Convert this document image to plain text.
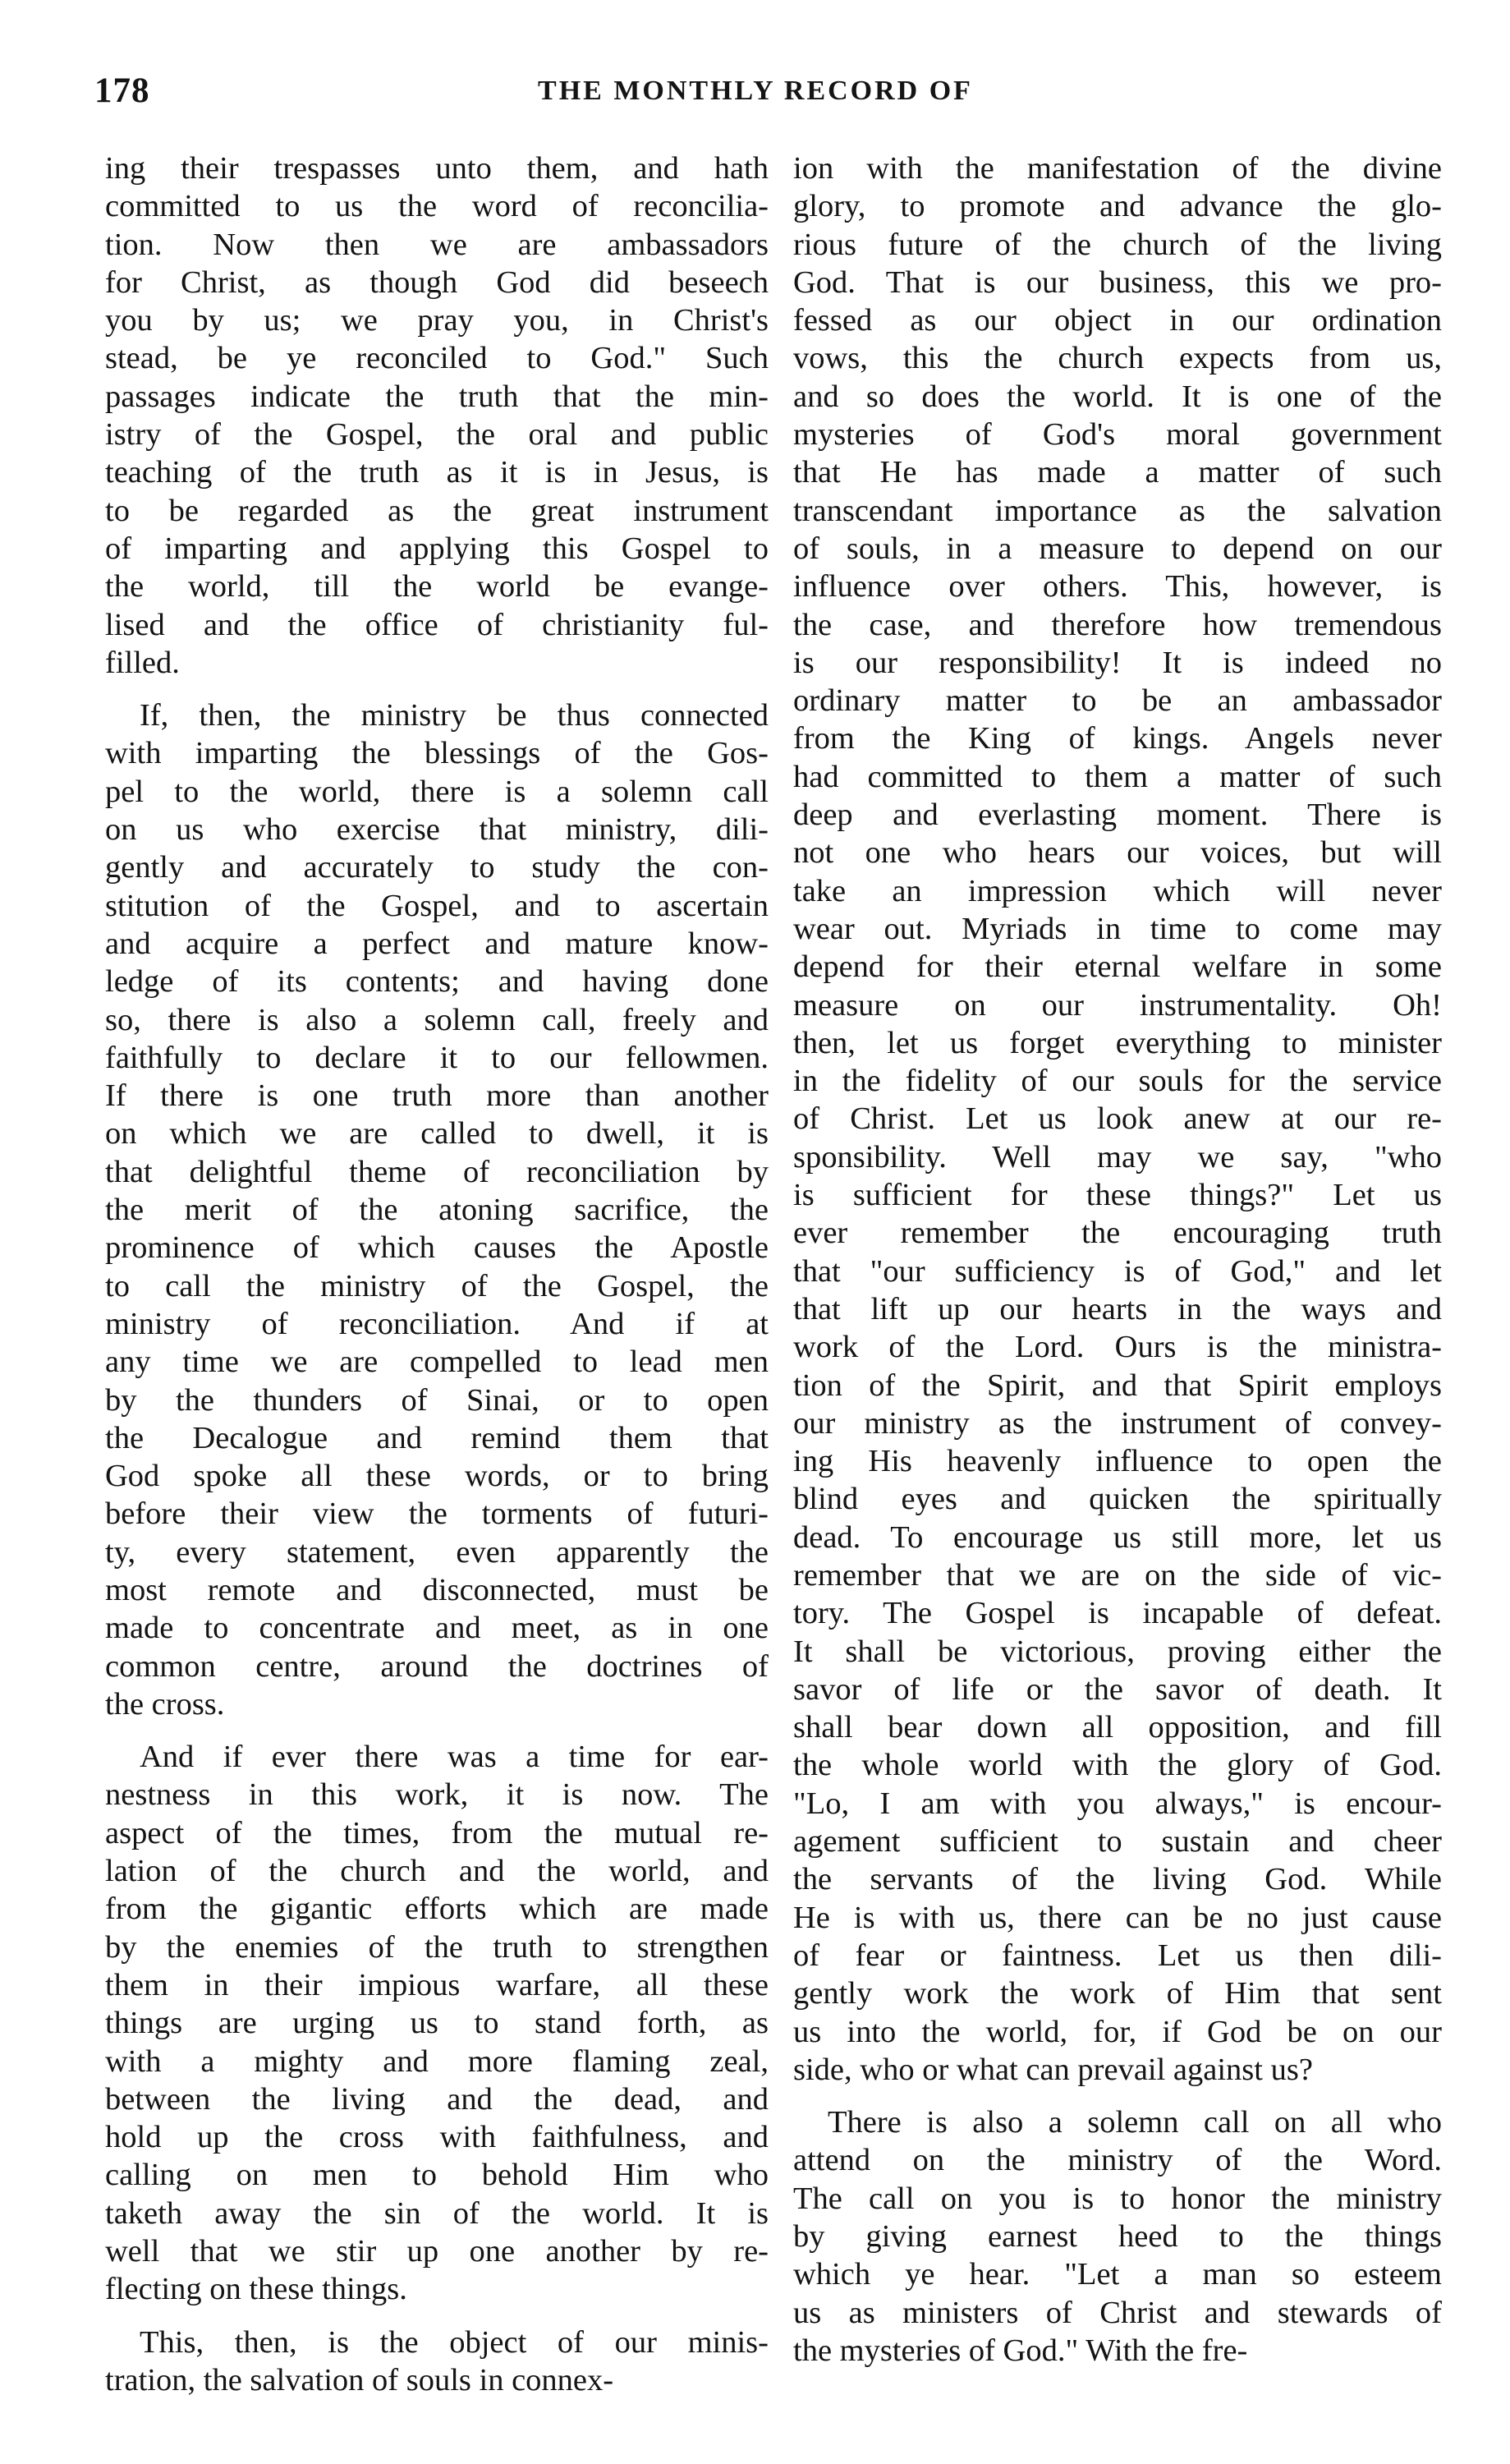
178	THE MONTHLY RECORD OF
ing their trespasses unto them, and hath
committed to us the word of reconcilia-
tion. Now then we are ambassadors
for Christ, as though God did beseech
you by us; we pray you, in Christ's
stead, be ye reconciled to God." Such
passages indicate the truth that the min-
istry of the Gospel, the oral and public
teaching of the truth as it is in Jesus, is
to be regarded as the great instrument
of imparting and applying this Gospel to
the world, till the world be evange-
lised and the office of christianity ful-
filled.
If, then, the ministry be thus connected
with imparting the blessings of the Gos-
pel to the world, there is a solemn call
on us who exercise that ministry, dili-
gently and accurately to study the con-
stitution of the Gospel, and to ascertain
and acquire a perfect and mature know-
ledge of its contents; and having done
so, there is also a solemn call, freely and
faithfully to declare it to our fellowmen.
If there is one truth more than another
on which we are called to dwell, it is
that delightful theme of reconciliation by
the merit of the atoning sacrifice, the
prominence of which causes the Apostle
to call the ministry of the Gospel, the
ministry of reconciliation. And if at
any time we are compelled to lead men
by the thunders of Sinai, or to open
the Decalogue and remind them that
God spoke all these words, or to bring
before their view the torments of futuri-
ty, every statement, even apparently the
most remote and disconnected, must be
made to concentrate and meet, as in one
common centre, around the doctrines of
the cross.
And if ever there was a time for ear-
nestness in this work, it is now. The
aspect of the times, from the mutual re-
lation of the church and the world, and
from the gigantic efforts which are made
by the enemies of the truth to strengthen
them in their impious warfare, all these
things are urging us to stand forth, as
with a mighty and more flaming zeal,
between the living and the dead, and
hold up the cross with faithfulness, and
calling on men to behold Him who
taketh away the sin of the world. It is
well that we stir up one another by re-
flecting on these things.
This, then, is the object of our minis-
tration, the salvation of souls in connex-
ion with the manifestation of the divine
glory, to promote and advance the glo-
rious future of the church of the living
God. That is our business, this we pro-
fessed as our object in our ordination
vows, this the church expects from us,
and so does the world. It is one of the
mysteries of God's moral government
that He has made a matter of such
transcendant importance as the salvation
of souls, in a measure to depend on our
influence over others. This, however, is
the case, and therefore how tremendous
is our responsibility! It is indeed no
ordinary matter to be an ambassador
from the King of kings. Angels never
had committed to them a matter of such
deep and everlasting moment. There is
not one who hears our voices, but will
take an impression which will never
wear out. Myriads in time to come may
depend for their eternal welfare in some
measure on our instrumentality. Oh!
then, let us forget everything to minister
in the fidelity of our souls for the service
of Christ. Let us look anew at our re-
sponsibility. Well may we say, "who
is sufficient for these things?" Let us
ever remember the encouraging truth
that "our sufficiency is of God," and let
that lift up our hearts in the ways and
work of the Lord. Ours is the ministra-
tion of the Spirit, and that Spirit employs
our ministry as the instrument of convey-
ing His heavenly influence to open the
blind eyes and quicken the spiritually
dead. To encourage us still more, let us
remember that we are on the side of vic-
tory. The Gospel is incapable of defeat.
It shall be victorious, proving either the
savor of life or the savor of death. It
shall bear down all opposition, and fill
the whole world with the glory of God.
"Lo, I am with you always," is encour-
agement sufficient to sustain and cheer
the servants of the living God. While
He is with us, there can be no just cause
of fear or faintness. Let us then dili-
gently work the work of Him that sent
us into the world, for, if God be on our
side, who or what can prevail against us?
There is also a solemn call on all who
attend on the ministry of the Word.
The call on you is to honor the ministry
by giving earnest heed to the things
which ye hear. "Let a man so esteem
us as ministers of Christ and stewards of
the mysteries of God." With the fre-
